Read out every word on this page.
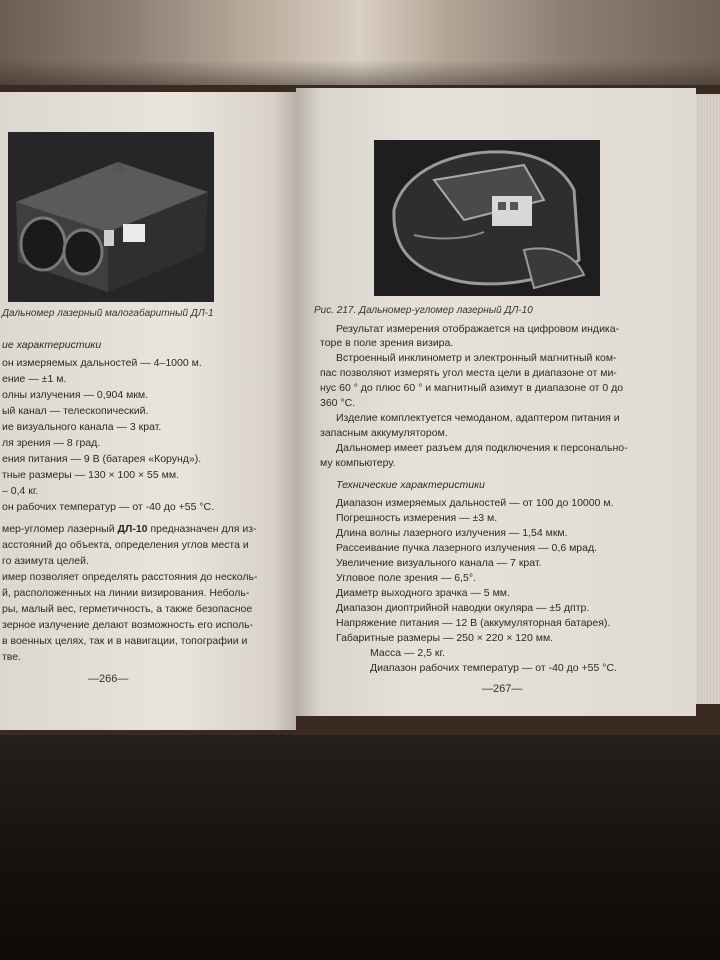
Дальномер лазерный малогабаритный ДЛ-1
ие характеристики
он измеряемых дальностей — 4–1000 м.
ение — ±1 м.
олны излучения — 0,904 мкм.
ый канал — телескопический.
ие визуального канала — 3 крат.
ля зрения — 8 град.
ения питания — 9 В (батарея «Корунд»).
тные размеры — 130 × 100 × 55 мм.
– 0,4 кг.
он рабочих температур — от -40 до +55 °С.
мер-угломер лазерный ДЛ-10 предназначен для из-
асстояний до объекта, определения углов места и
го азимута целей.
имер позволяет определять расстояния до несколь-
й, расположенных на линии визирования. Неболь-
ры, малый вес, герметичность, а также безопасное
зерное излучение делают возможность его исполь-
в военных целях, так и в навигации, топографии и
тве.
—266—
Рис. 217. Дальномер-угломер лазерный ДЛ-10
Результат измерения отображается на цифровом индика-
торе в поле зрения визира.
Встроенный инклинометр и электронный магнитный ком-
пас позволяют измерять угол места цели в диапазоне от ми-
нус 60 ° до плюс 60 ° и магнитный азимут в диапазоне от 0 до
360 °С.
Изделие комплектуется чемоданом, адаптером питания и
запасным аккумулятором.
Дальномер имеет разъем для подключения к персонально-
му компьютеру.
Технические характеристики
Диапазон измеряемых дальностей — от 100 до 10000 м.
Погрешность измерения — ±3 м.
Длина волны лазерного излучения — 1,54 мкм.
Рассеивание пучка лазерного излучения — 0,6 мрад.
Увеличение визуального канала — 7 крат.
Угловое поле зрения — 6,5°.
Диаметр выходного зрачка — 5 мм.
Диапазон диоптрийной наводки окуляра — ±5 дптр.
Напряжение питания — 12 В (аккумуляторная батарея).
Габаритные размеры — 250 × 220 × 120 мм.
Масса — 2,5 кг.
Диапазон рабочих температур — от -40 до +55 °С.
—267—
